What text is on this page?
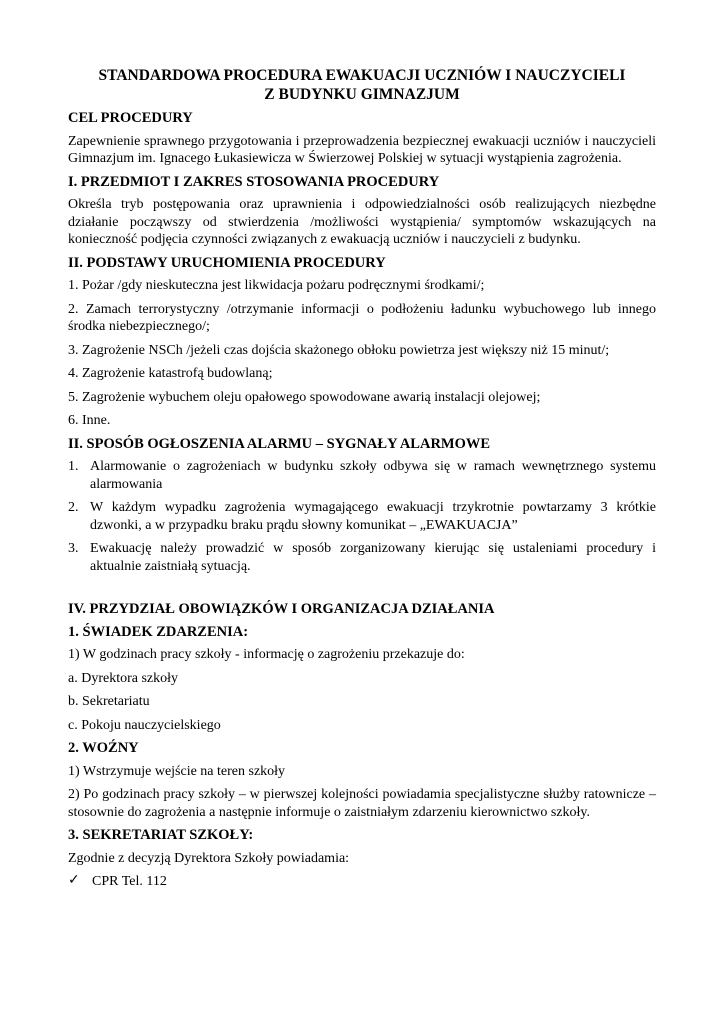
STANDARDOWA PROCEDURA EWAKUACJI UCZNIÓW I NAUCZYCIELI
Z BUDYNKU GIMNAZJUM
CEL PROCEDURY
Zapewnienie sprawnego przygotowania i przeprowadzenia bezpiecznej ewakuacji uczniów i nauczycieli Gimnazjum im. Ignacego Łukasiewicza w Świerzowej Polskiej w sytuacji wystąpienia zagrożenia.
I. PRZEDMIOT I ZAKRES STOSOWANIA PROCEDURY
Określa tryb postępowania oraz uprawnienia i odpowiedzialności osób realizujących niezbędne działanie począwszy od stwierdzenia /możliwości wystąpienia/ symptomów wskazujących na konieczność podjęcia czynności związanych z ewakuacją uczniów i nauczycieli z budynku.
II. PODSTAWY URUCHOMIENIA PROCEDURY
1. Pożar /gdy nieskuteczna jest likwidacja pożaru podręcznymi środkami/;
2. Zamach terrorystyczny /otrzymanie informacji o podłożeniu ładunku wybuchowego lub innego środka niebezpiecznego/;
3. Zagrożenie NSCh /jeżeli czas dojścia skażonego obłoku powietrza jest większy niż 15 minut/;
4. Zagrożenie katastrofą budowlaną;
5. Zagrożenie wybuchem oleju opałowego spowodowane awarią instalacji olejowej;
6. Inne.
II. SPOSÓB OGŁOSZENIA ALARMU – SYGNAŁY ALARMOWE
1. Alarmowanie o zagrożeniach w budynku szkoły odbywa się w ramach wewnętrznego systemu alarmowania
2. W każdym wypadku zagrożenia wymagającego ewakuacji trzykrotnie powtarzamy 3 krótkie dzwonki, a w przypadku braku prądu słowny komunikat – „EWAKUACJA”
3. Ewakuację należy prowadzić w sposób zorganizowany kierując się ustaleniami procedury i aktualnie zaistniałą sytuacją.
IV. PRZYDZIAŁ OBOWIĄZKÓW I ORGANIZACJA DZIAŁANIA
1. ŚWIADEK ZDARZENIA:
1) W godzinach pracy szkoły - informację o zagrożeniu przekazuje do:
a. Dyrektora szkoły
b. Sekretariatu
c. Pokoju nauczycielskiego
2. WOŹNY
1) Wstrzymuje wejście na teren szkoły
2) Po godzinach pracy szkoły – w pierwszej kolejności powiadamia specjalistyczne służby ratownicze – stosownie do zagrożenia a następnie informuje o zaistniałym zdarzeniu kierownictwo szkoły.
3. SEKRETARIAT SZKOŁY:
Zgodnie z decyzją Dyrektora Szkoły powiadamia:
✓ CPR Tel. 112
